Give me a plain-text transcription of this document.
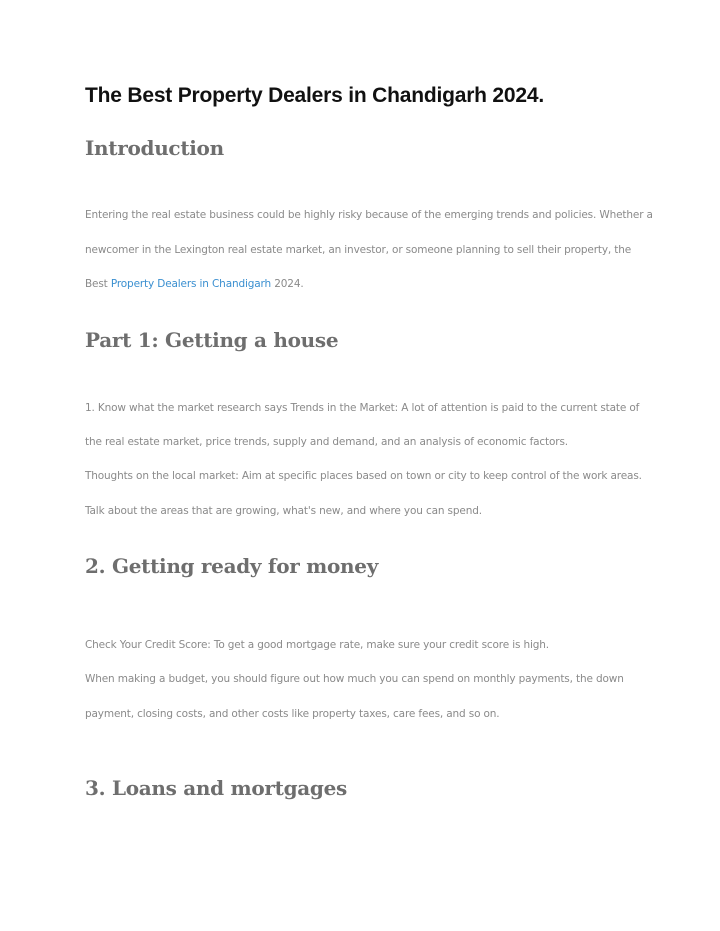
The Best Property Dealers in Chandigarh 2024.
Introduction
Entering the real estate business could be highly risky because of the emerging trends and policies. Whether a
newcomer in the Lexington real estate market, an investor, or someone planning to sell their property, the
Best Property Dealers in Chandigarh 2024.
Part 1: Getting a house
1. Know what the market research says Trends in the Market: A lot of attention is paid to the current state of
the real estate market, price trends, supply and demand, and an analysis of economic factors.
Thoughts on the local market: Aim at specific places based on town or city to keep control of the work areas.
Talk about the areas that are growing, what's new, and where you can spend.
2. Getting ready for money
Check Your Credit Score: To get a good mortgage rate, make sure your credit score is high.
When making a budget, you should figure out how much you can spend on monthly payments, the down
payment, closing costs, and other costs like property taxes, care fees, and so on.
3. Loans and mortgages
